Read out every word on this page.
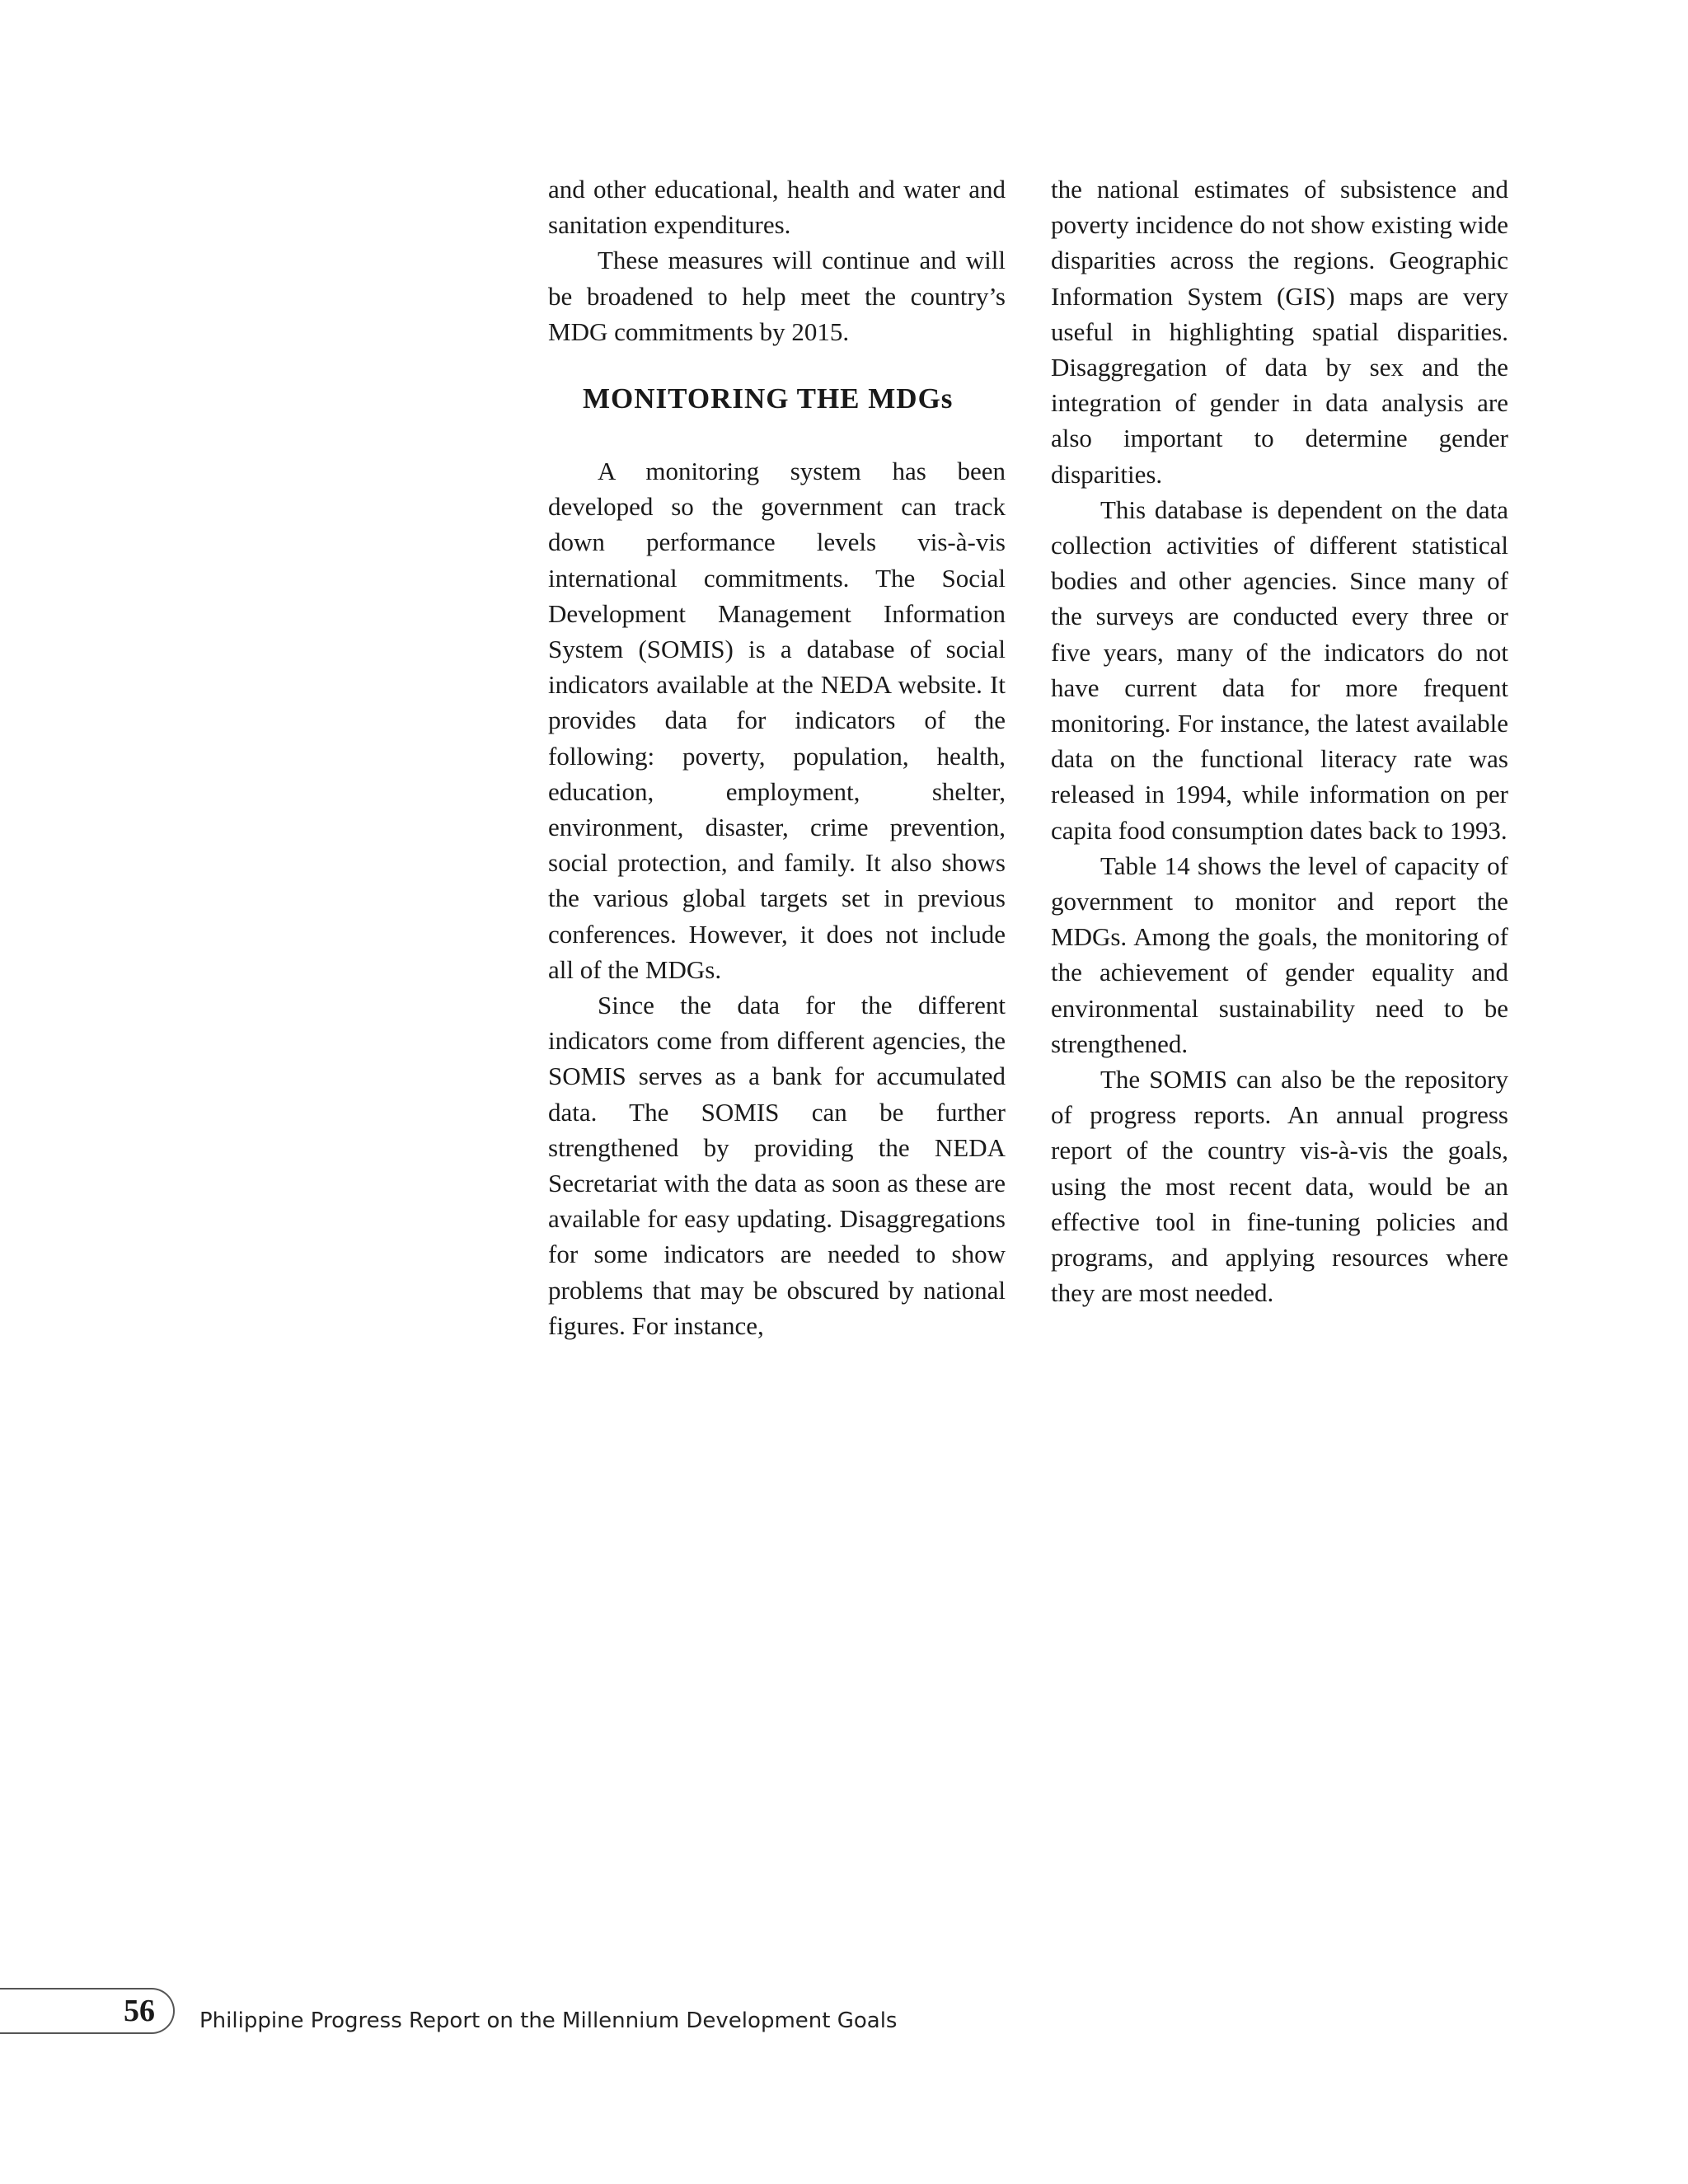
and other educational, health and water and sanitation expenditures.

These measures will continue and will be broadened to help meet the country’s MDG commitments by 2015.

MONITORING THE MDGs

A monitoring system has been developed so the government can track down performance levels vis-à-vis international commitments. The Social Development Management Information System (SOMIS) is a database of social indicators available at the NEDA website. It provides data for indicators of the following: poverty, population, health, education, employment, shelter, environment, disaster, crime prevention, social protection, and family. It also shows the various global targets set in previous conferences. However, it does not include all of the MDGs.

Since the data for the different indicators come from different agencies, the SOMIS serves as a bank for accumulated data. The SOMIS can be further strengthened by providing the NEDA Secretariat with the data as soon as these are available for easy updating. Disaggregations for some indicators are needed to show problems that may be obscured by national figures. For instance,

the national estimates of subsistence and poverty incidence do not show existing wide disparities across the regions. Geographic Information System (GIS) maps are very useful in highlighting spatial disparities. Disaggregation of data by sex and the integration of gender in data analysis are also important to determine gender disparities.

This database is dependent on the data collection activities of different statistical bodies and other agencies. Since many of the surveys are conducted every three or five years, many of the indicators do not have current data for more frequent monitoring. For instance, the latest available data on the functional literacy rate was released in 1994, while information on per capita food consumption dates back to 1993.

Table 14 shows the level of capacity of government to monitor and report the MDGs. Among the goals, the monitoring of the achievement of gender equality and environmental sustainability need to be strengthened.

The SOMIS can also be the repository of progress reports. An annual progress report of the country vis-à-vis the goals, using the most recent data, would be an effective tool in fine-tuning policies and programs, and applying resources where they are most needed.

56 Philippine Progress Report on the Millennium Development Goals
